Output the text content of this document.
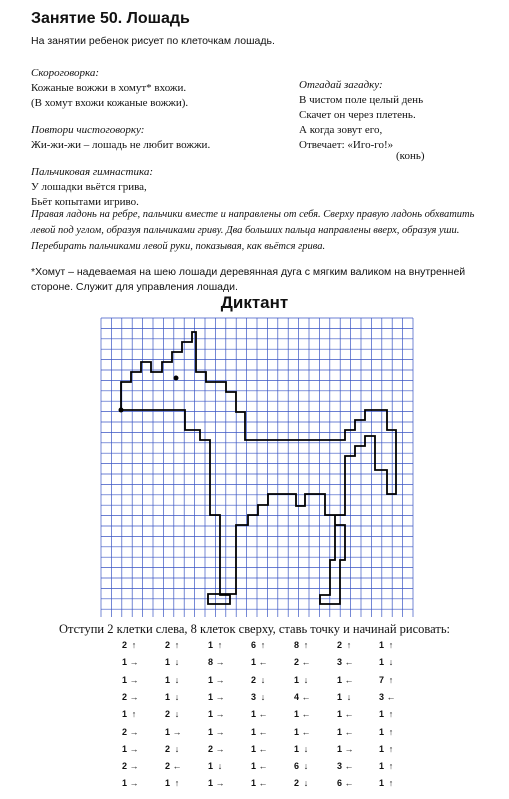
Занятие 50. Лошадь
На занятии ребенок рисует по клеточкам лошадь.
Скороговорка:
Кожаные вожжи в хомут* вхожи.
(В хомут вхожи кожаные вожжи).
Повтори чистоговорку:
Жи-жи-жи – лошадь не любит вожжи.
Пальчиковая гимнастика:
У лошадки вьётся грива,
Бьёт копытами игриво.
Отгадай загадку:
В чистом поле целый день
Скачет он через плетень.
А когда зовут его,
Отвечает: «Иго-го!»
(конь)
Правая ладонь на ребре, пальчики вместе и направлены от себя. Сверху правую ладонь обхватить левой под углом, образуя пальчиками гриву. Два больших пальца направлены вверх, образуя уши. Перебирать пальчиками левой руки, показывая, как вьётся грива.
*Хомут – надеваемая на шею лошади деревянная дуга с мягким валиком на внутренней стороне. Служит для управления лошади.
Диктант
Отступи 2 клетки слева, 8 клеток сверху, ставь точку и начинай рисовать:
2 ↑
1 →
1 →
2 →
1 ↑
2 →
1 →
2 →
1 →
2 ↑
1 ↓
1 ↓
1 ↓
2 ↓
1 →
2 ↓
2 ←
1 ↑
1 ↑
8 →
1 →
1 →
1 →
1 →
2 →
1 ↓
1 →
6 ↑
1 ←
2 ↓
3 ↓
1 ←
1 ←
1 ←
1 ←
1 ←
8 ↑
2 ←
1 ↓
4 ←
1 ←
1 ←
1 ↓
6 ↓
2 ↓
2 ↑
3 ←
1 ←
1 ↓
1 ←
1 ←
1 →
3 ←
6 ←
1 ↑
1 ↓
7 ↑
3 ←
1 ↑
1 ↑
1 ↑
1 ↑
1 ↑
